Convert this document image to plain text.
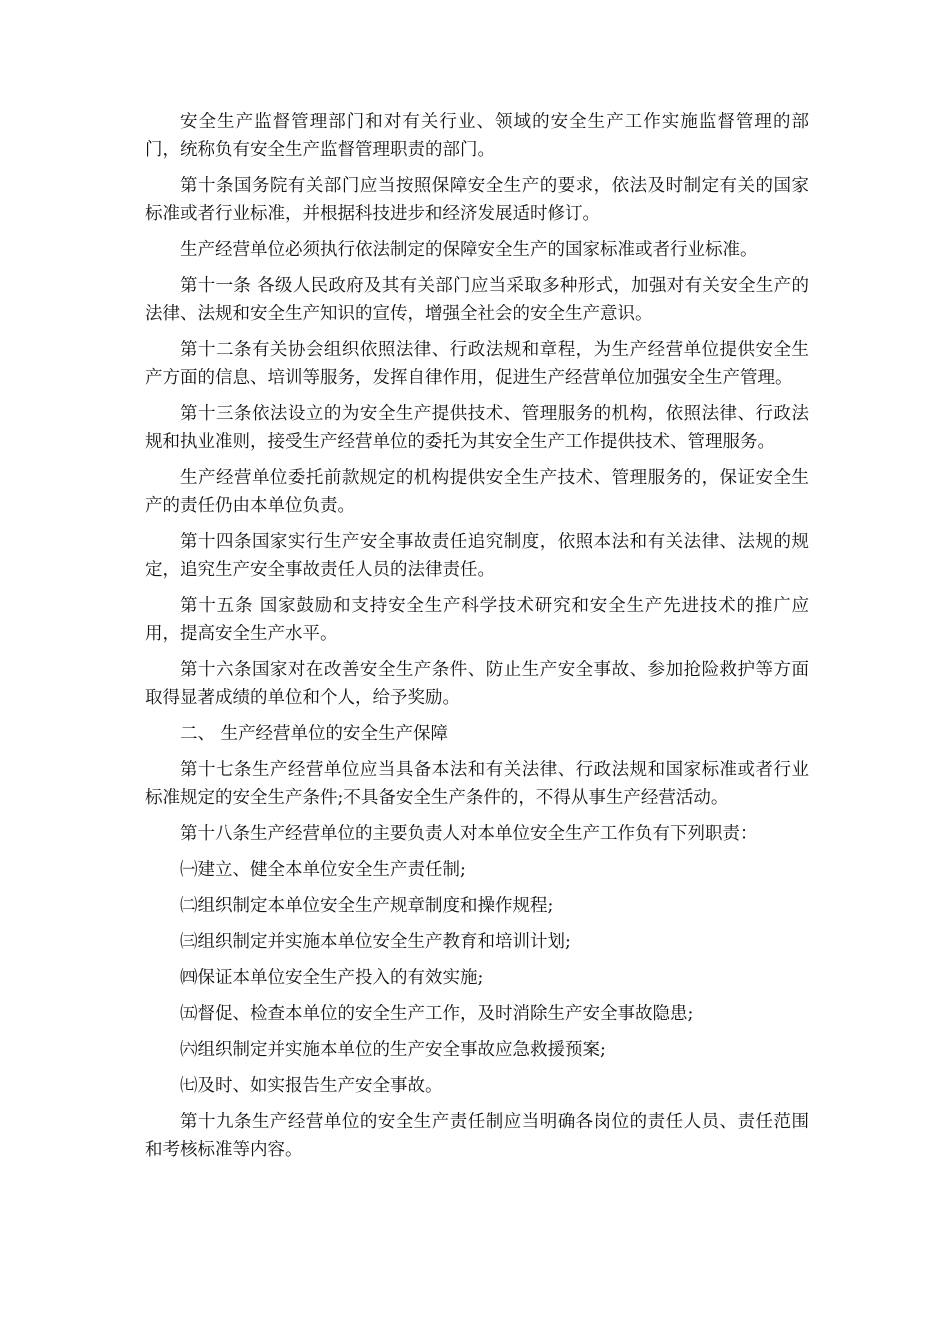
安全生产监督管理部门和对有关行业、领域的安全生产工作实施监督管理的部门，统称负有安全生产监督管理职责的部门。

第十条国务院有关部门应当按照保障安全生产的要求，依法及时制定有关的国家标准或者行业标准，并根据科技进步和经济发展适时修订。

生产经营单位必须执行依法制定的保障安全生产的国家标准或者行业标准。

第十一条 各级人民政府及其有关部门应当采取多种形式，加强对有关安全生产的法律、法规和安全生产知识的宣传，增强全社会的安全生产意识。

第十二条有关协会组织依照法律、行政法规和章程，为生产经营单位提供安全生产方面的信息、培训等服务，发挥自律作用，促进生产经营单位加强安全生产管理。

第十三条依法设立的为安全生产提供技术、管理服务的机构，依照法律、行政法规和执业准则，接受生产经营单位的委托为其安全生产工作提供技术、管理服务。

生产经营单位委托前款规定的机构提供安全生产技术、管理服务的，保证安全生产的责任仍由本单位负责。

第十四条国家实行生产安全事故责任追究制度，依照本法和有关法律、法规的规定，追究生产安全事故责任人员的法律责任。

第十五条 国家鼓励和支持安全生产科学技术研究和安全生产先进技术的推广应用，提高安全生产水平。

第十六条国家对在改善安全生产条件、防止生产安全事故、参加抢险救护等方面取得显著成绩的单位和个人，给予奖励。

二、 生产经营单位的安全生产保障

第十七条生产经营单位应当具备本法和有关法律、行政法规和国家标准或者行业标准规定的安全生产条件;不具备安全生产条件的，不得从事生产经营活动。

第十八条生产经营单位的主要负责人对本单位安全生产工作负有下列职责：

㈠建立、健全本单位安全生产责任制;

㈡组织制定本单位安全生产规章制度和操作规程;

㈢组织制定并实施本单位安全生产教育和培训计划;

㈣保证本单位安全生产投入的有效实施;

㈤督促、检查本单位的安全生产工作，及时消除生产安全事故隐患;

㈥组织制定并实施本单位的生产安全事故应急救援预案;

㈦及时、如实报告生产安全事故。

第十九条生产经营单位的安全生产责任制应当明确各岗位的责任人员、责任范围和考核标准等内容。
